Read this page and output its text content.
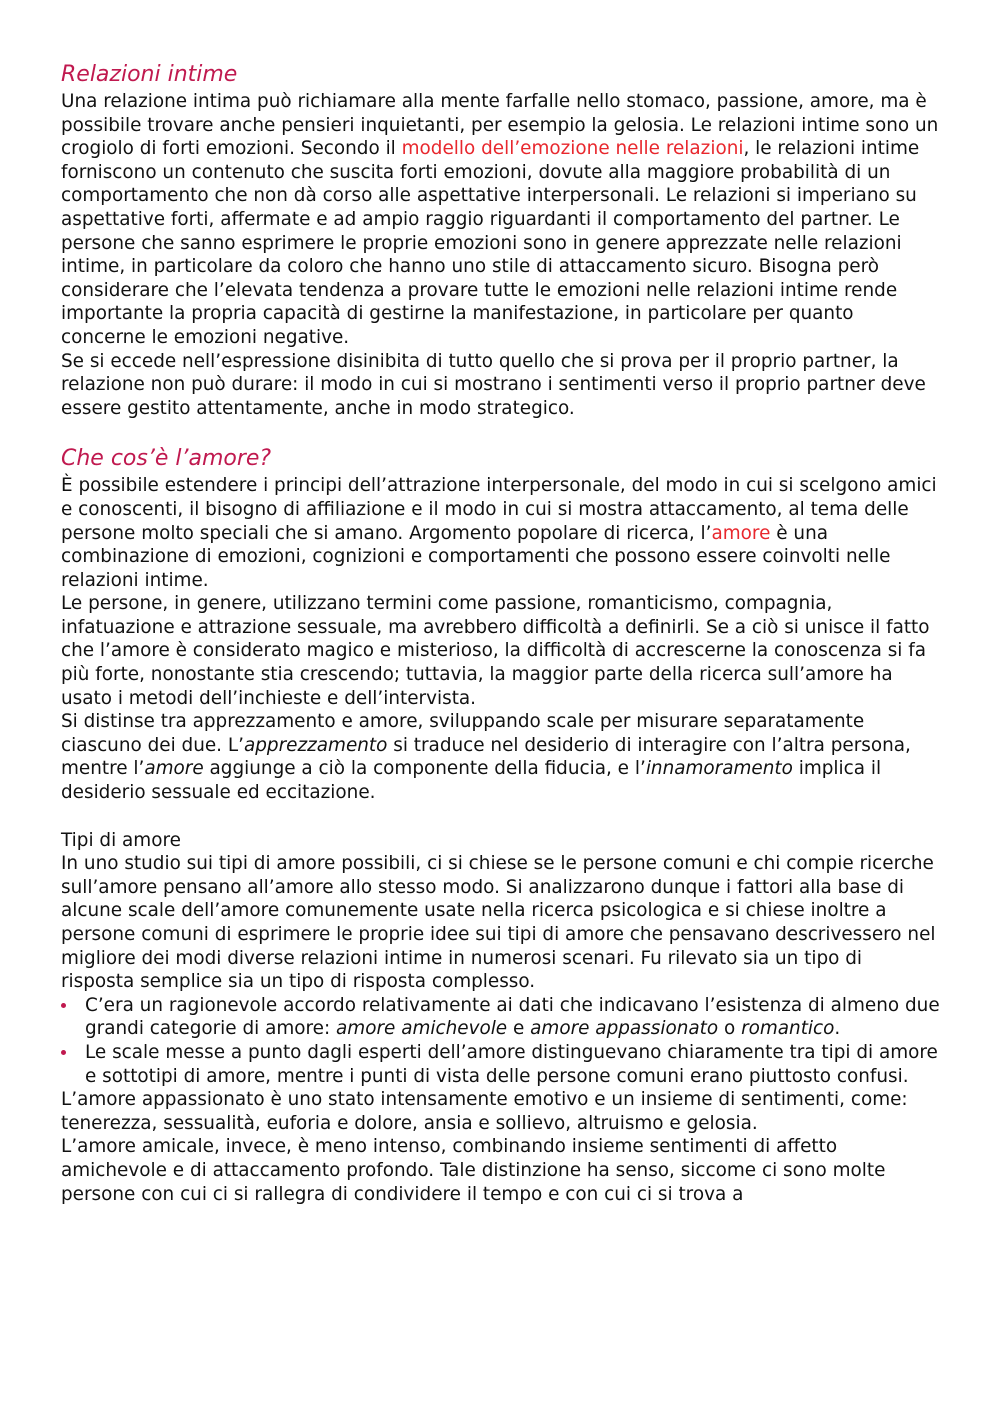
Relazioni intime

Una relazione intima può richiamare alla mente farfalle nello stomaco, passione, amore, ma è possibile trovare anche pensieri inquietanti, per esempio la gelosia. Le relazioni intime sono un crogiolo di forti emozioni. Secondo il modello dell’emozione nelle relazioni, le relazioni intime forniscono un contenuto che suscita forti emozioni, dovute alla maggiore probabilità di un comportamento che non dà corso alle aspettative interpersonali. Le relazioni si imperiano su aspettative forti, affermate e ad ampio raggio riguardanti il comportamento del partner. Le persone che sanno esprimere le proprie emozioni sono in genere apprezzate nelle relazioni intime, in particolare da coloro che hanno uno stile di attaccamento sicuro. Bisogna però considerare che l’elevata tendenza a provare tutte le emozioni nelle relazioni intime rende importante la propria capacità di gestirne la manifestazione, in particolare per quanto concerne le emozioni negative.

Se si eccede nell’espressione disinibita di tutto quello che si prova per il proprio partner, la relazione non può durare: il modo in cui si mostrano i sentimenti verso il proprio partner deve essere gestito attentamente, anche in modo strategico.

Che cos’è l’amore?

È possibile estendere i principi dell’attrazione interpersonale, del modo in cui si scelgono amici e conoscenti, il bisogno di affiliazione e il modo in cui si mostra attaccamento, al tema delle persone molto speciali che si amano. Argomento popolare di ricerca, l’amore è una combinazione di emozioni, cognizioni e comportamenti che possono essere coinvolti nelle relazioni intime.

Le persone, in genere, utilizzano termini come passione, romanticismo, compagnia, infatuazione e attrazione sessuale, ma avrebbero difficoltà a definirli. Se a ciò si unisce il fatto che l’amore è considerato magico e misterioso, la difficoltà di accrescerne la conoscenza si fa più forte, nonostante stia crescendo; tuttavia, la maggior parte della ricerca sull’amore ha usato i metodi dell’inchieste e dell’intervista.

Si distinse tra apprezzamento e amore, sviluppando scale per misurare separatamente ciascuno dei due. L’apprezzamento si traduce nel desiderio di interagire con l’altra persona, mentre l’amore aggiunge a ciò la componente della fiducia, e l’innamoramento implica il desiderio sessuale ed eccitazione.

Tipi di amore

In uno studio sui tipi di amore possibili, ci si chiese se le persone comuni e chi compie ricerche sull’amore pensano all’amore allo stesso modo. Si analizzarono dunque i fattori alla base di alcune scale dell’amore comunemente usate nella ricerca psicologica e si chiese inoltre a persone comuni di esprimere le proprie idee sui tipi di amore che pensavano descrivessero nel migliore dei modi diverse relazioni intime in numerosi scenari. Fu rilevato sia un tipo di risposta semplice sia un tipo di risposta complesso.

C’era un ragionevole accordo relativamente ai dati che indicavano l’esistenza di almeno due grandi categorie di amore: amore amichevole e amore appassionato o romantico.
Le scale messe a punto dagli esperti dell’amore distinguevano chiaramente tra tipi di amore e sottotipi di amore, mentre i punti di vista delle persone comuni erano piuttosto confusi.

L’amore appassionato è uno stato intensamente emotivo e un insieme di sentimenti, come: tenerezza, sessualità, euforia e dolore, ansia e sollievo, altruismo e gelosia.

L’amore amicale, invece, è meno intenso, combinando insieme sentimenti di affetto amichevole e di attaccamento profondo. Tale distinzione ha senso, siccome ci sono molte persone con cui ci si rallegra di condividere il tempo e con cui ci si trova a
